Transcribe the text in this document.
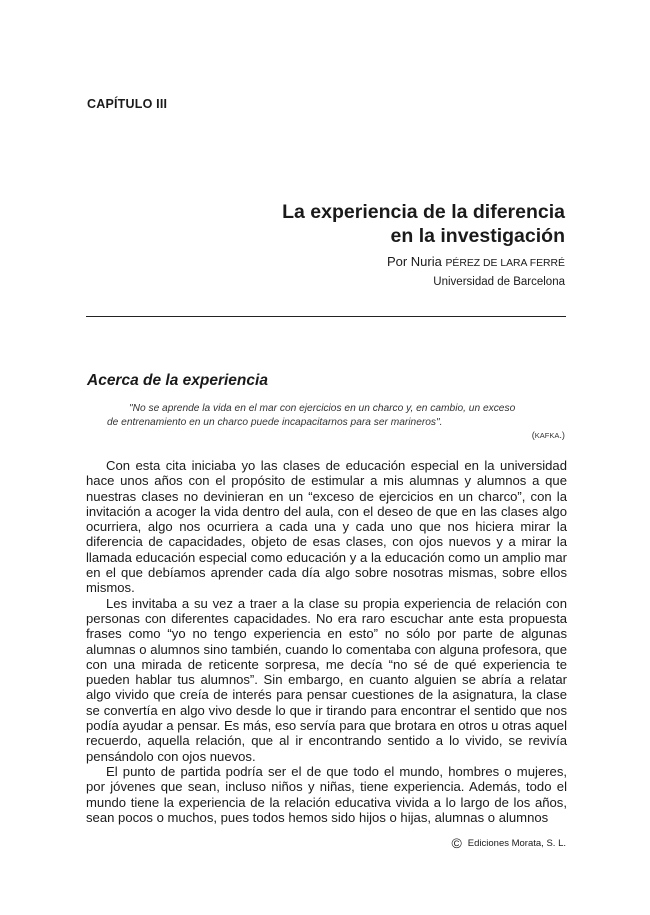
CAPÍTULO III
La experiencia de la diferencia
en la investigación
Por Nuria PÉREZ DE LARA FERRÉ
Universidad de Barcelona
Acerca de la experiencia
"No se aprende la vida en el mar con ejercicios en un charco y, en cambio, un exceso
de entrenamiento en un charco puede incapacitarnos para ser marineros".
(KAFKA.)

Con esta cita iniciaba yo las clases de educación especial en la universidad hace unos años con el propósito de estimular a mis alumnas y alumnos a que nuestras clases no devinieran en un “exceso de ejercicios en un charco”, con la invitación a acoger la vida dentro del aula, con el deseo de que en las clases algo ocurriera, algo nos ocurriera a cada una y cada uno que nos hiciera mirar la diferencia de capacidades, objeto de esas clases, con ojos nuevos y a mirar la llamada educación especial como educación y a la educación como un amplio mar en el que debíamos aprender cada día algo sobre nosotras mismas, sobre ellos mismos.

Les invitaba a su vez a traer a la clase su propia experiencia de relación con personas con diferentes capacidades. No era raro escuchar ante esta propuesta frases como “yo no tengo experiencia en esto” no sólo por parte de algunas alumnas o alumnos sino también, cuando lo comentaba con alguna profesora, que con una mirada de reticente sorpresa, me decía “no sé de qué experiencia te pueden hablar tus alumnos”. Sin embargo, en cuanto alguien se abría a relatar algo vivido que creía de interés para pensar cuestiones de la asignatura, la clase se convertía en algo vivo desde lo que ir tirando para encontrar el sentido que nos podía ayudar a pensar. Es más, eso servía para que brotara en otros u otras aquel recuerdo, aquella relación, que al ir encontrando sentido a lo vivido, se revivía pensándolo con ojos nuevos.

El punto de partida podría ser el de que todo el mundo, hombres o mujeres, por jóvenes que sean, incluso niños y niñas, tiene experiencia. Además, todo el mundo tiene la experiencia de la relación educativa vivida a lo largo de los años, sean pocos o muchos, pues todos hemos sido hijos o hijas, alumnas o alumnos

© Ediciones Morata, S. L.
